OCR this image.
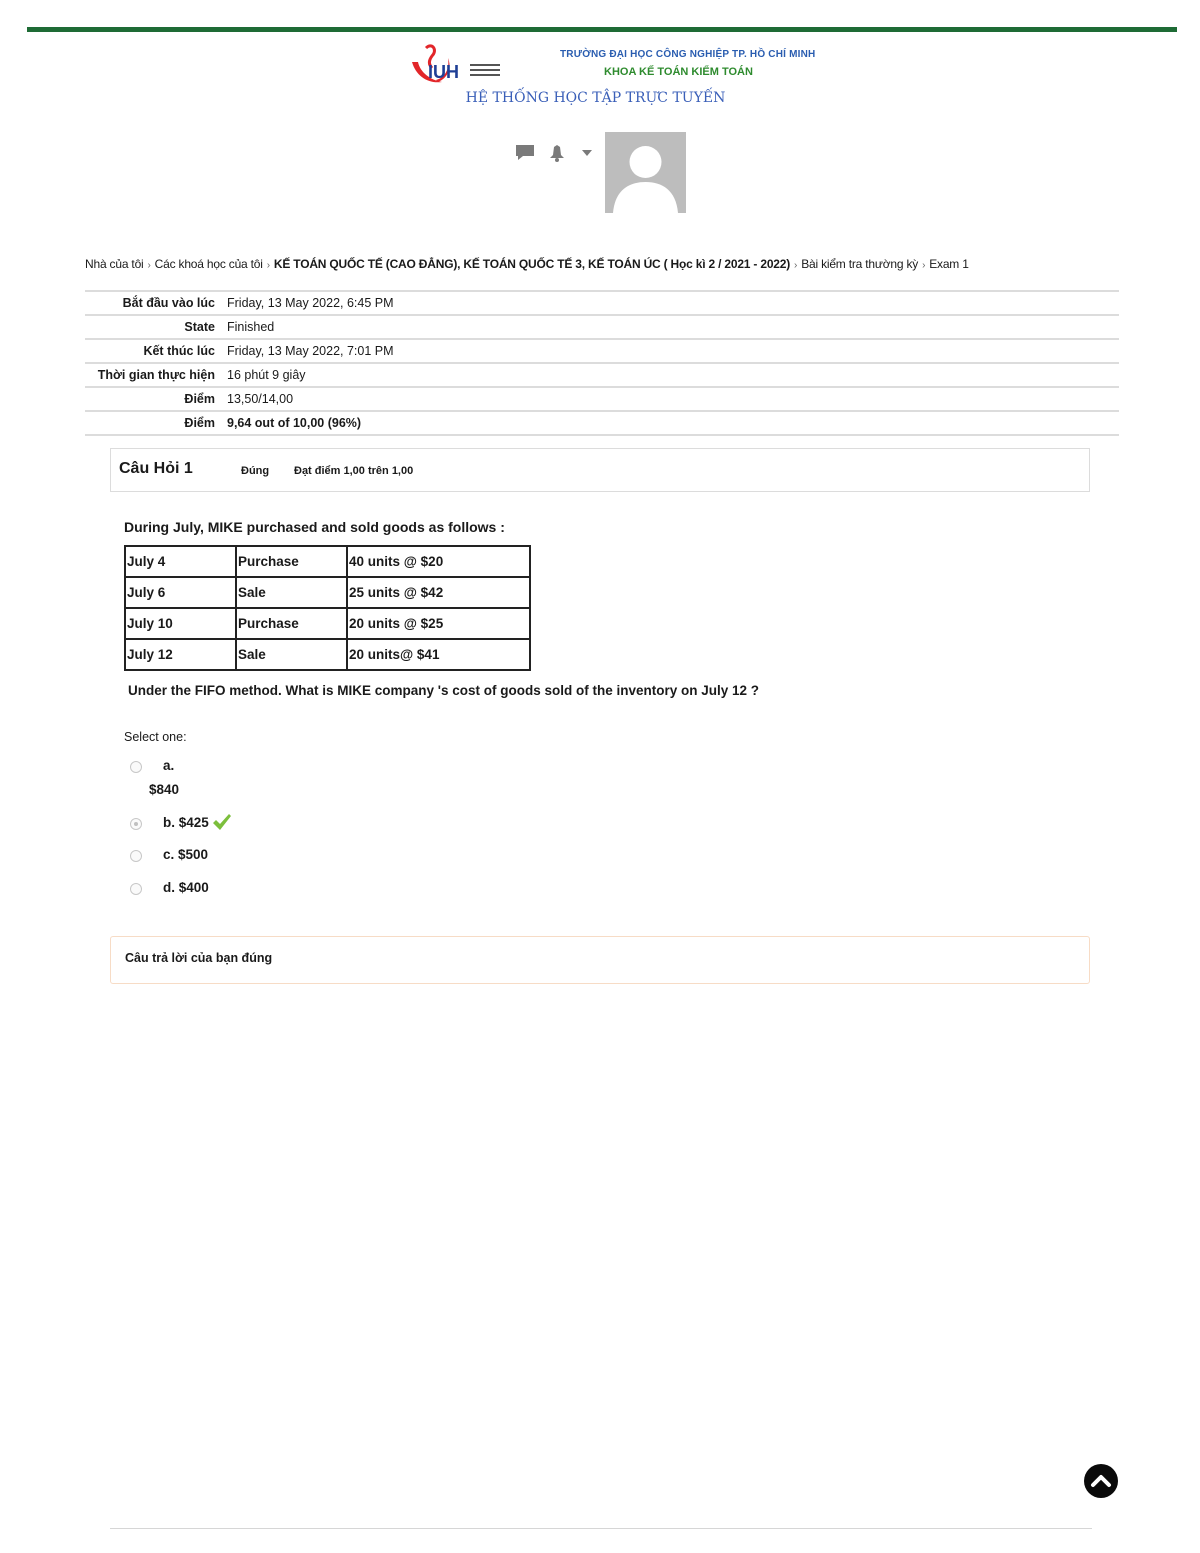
IUH
TRƯỜNG ĐẠI HỌC CÔNG NGHIỆP TP. HỒ CHÍ MINH
KHOA KẾ TOÁN KIỂM TOÁN
HỆ THỐNG HỌC TẬP TRỰC TUYẾN
Nhà của tôi › Các khoá học của tôi › KẾ TOÁN QUỐC TẾ (CAO ĐẲNG), KẾ TOÁN QUỐC TẾ 3, KẾ TOÁN ÚC ( Học kì 2 / 2021 - 2022) › Bài kiểm tra thường kỳ › Exam 1
Bắt đầu vào lúc Friday, 13 May 2022, 6:45 PM
State Finished
Kết thúc lúc Friday, 13 May 2022, 7:01 PM
Thời gian thực hiện 16 phút 9 giây
Điểm 13,50/14,00
Điểm 9,64 out of 10,00 (96%)
Câu Hỏi 1	Đúng Đạt điểm 1,00 trên 1,00
During July, MIKE purchased and sold goods as follows :
July 4	Purchase	40 units @ $20
July 6	Sale	25 units @ $42
July 10	Purchase	20 units @ $25
July 12	Sale	20 units@ $41
Under the FIFO method. What is MIKE company 's cost of goods sold of the inventory on July 12 ?
Select one:
a.
$840
b.
$425
c.
$500
d.
$400
Câu trả lời của bạn đúng
